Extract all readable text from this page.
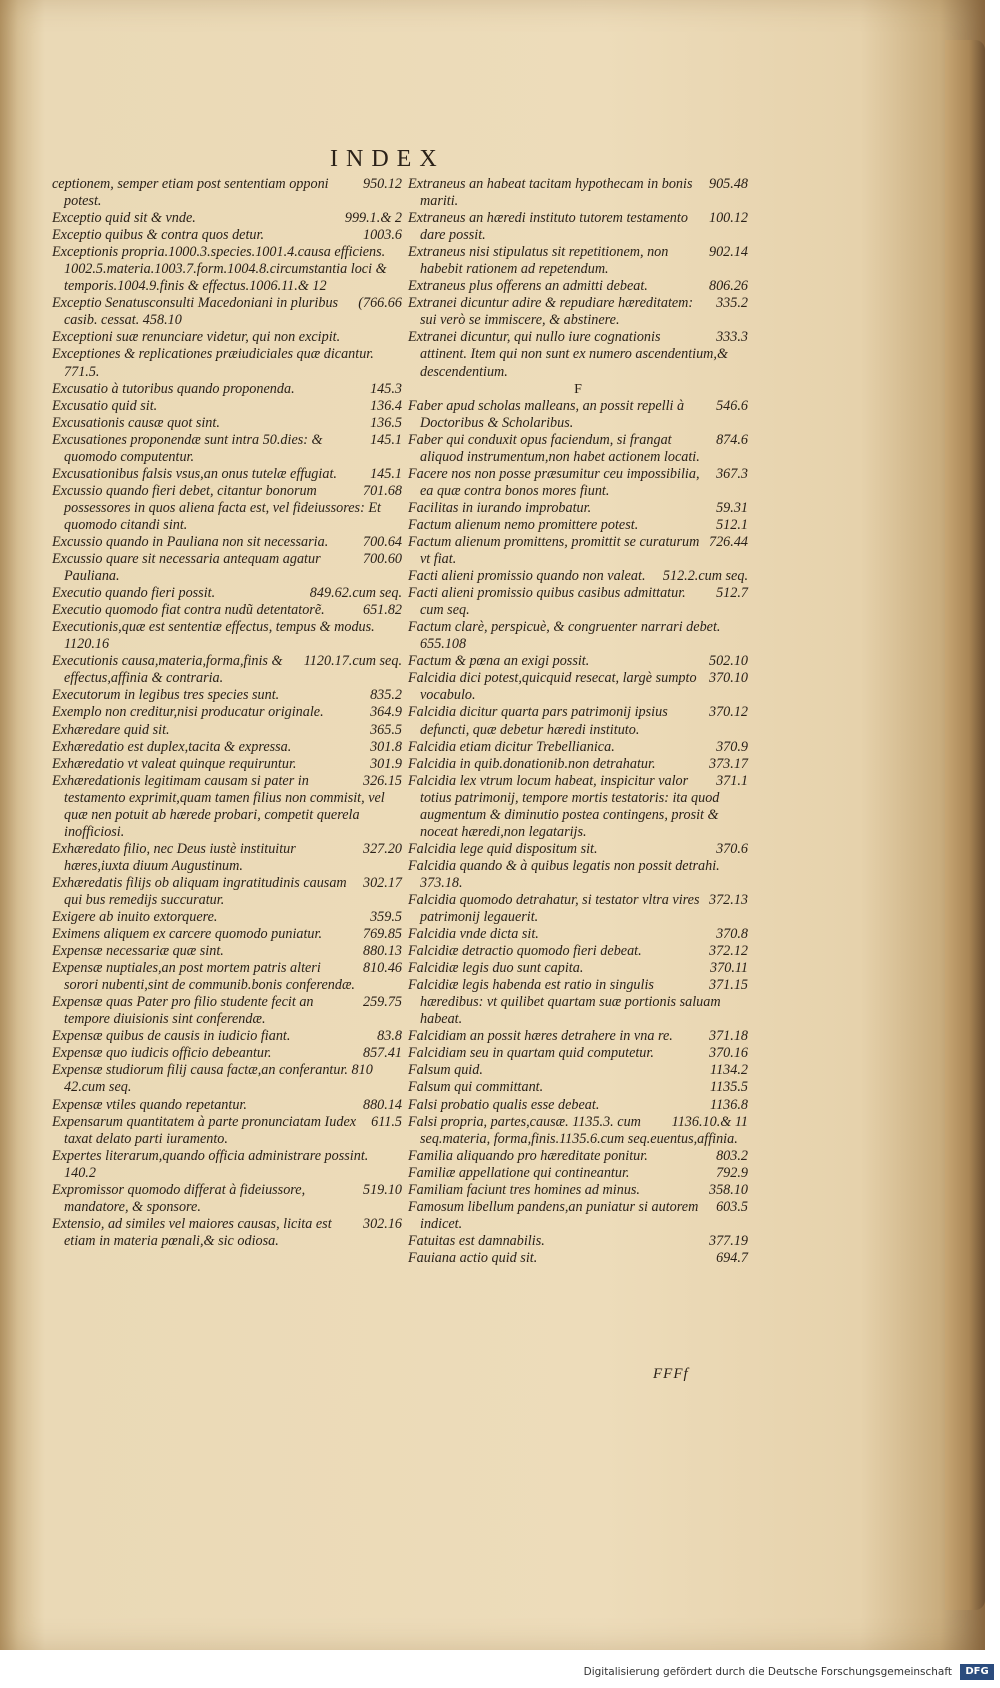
INDEX

950.12
ceptionem, semper etiam post sententiam opponi potest.

999.1.& 2
Exceptio quid sit & vnde.

1003.6
Exceptio quibus & contra quos detur.

Exceptionis propria.1000.3.species.1001.4.causa efficiens. 1002.5.materia.1003.7.form.1004.8.circumstantia loci & temporis.1004.9.finis & effectus.1006.11.& 12

(766.66
Exceptio Senatusconsulti Macedoniani in pluribus casib. cessat. 458.10

Exceptioni suæ renunciare videtur, qui non excipit.

Exceptiones & replicationes præiudiciales quæ dicantur. 771.5.

145.3
Excusatio à tutoribus quando proponenda.

136.4
Excusatio quid sit.

136.5
Excusationis causæ quot sint.

145.1
Excusationes proponendæ sunt intra 50.dies: & quomodo computentur.

145.1
Excusationibus falsis vsus,an onus tutelæ effugiat.

701.68
Excussio quando fieri debet, citantur bonorum possessores in quos aliena facta est, vel fideiussores: Et quomodo citandi sint.

700.64
Excussio quando in Pauliana non sit necessaria.

700.60
Excussio quare sit necessaria antequam agatur Pauliana.

849.62.cum seq.
Executio quando fieri possit.

651.82
Executio quomodo fiat contra nudũ detentatorẽ.

Executionis,quæ est sententiæ effectus, tempus & modus. 1120.16

1120.17.cum seq.
Executionis causa,materia,forma,finis & effectus,affinia & contraria.

835.2
Executorum in legibus tres species sunt.

364.9
Exemplo non creditur,nisi producatur originale.

365.5
Exhæredare quid sit.

301.8
Exhæredatio est duplex,tacita & expressa.

301.9
Exhæredatio vt valeat quinque requiruntur.

326.15
Exhæredationis legitimam causam si pater in testamento exprimit,quam tamen filius non commisit, vel quæ nen potuit ab hærede probari, competit querela inofficiosi.

327.20
Exhæredato filio, nec Deus iustè instituitur hæres,iuxta diuum Augustinum.

302.17
Exhæredatis filijs ob aliquam ingratitudinis causam qui bus remedijs succuratur.

359.5
Exigere ab inuito extorquere.

769.85
Eximens aliquem ex carcere quomodo puniatur.

880.13
Expensæ necessariæ quæ sint.

810.46
Expensæ nuptiales,an post mortem patris alteri sorori nubenti,sint de communib.bonis conferendæ.

259.75
Expensæ quas Pater pro filio studente fecit an tempore diuisionis sint conferendæ.

83.8
Expensæ quibus de causis in iudicio fiant.

857.41
Expensæ quo iudicis officio debeantur.

Expensæ studiorum filij causa factæ,an conferantur. 810 42.cum seq.

880.14
Expensæ vtiles quando repetantur.

611.5
Expensarum quantitatem à parte pronunciatam Iudex taxat delato parti iuramento.

Expertes literarum,quando officia administrare possint. 140.2

519.10
Expromissor quomodo differat à fideiussore, mandatore, & sponsore.

302.16
Extensio, ad similes vel maiores causas, licita est etiam in materia pœnali,& sic odiosa.

905.48
Extraneus an habeat tacitam hypothecam in bonis mariti.

100.12
Extraneus an hæredi instituto tutorem testamento dare possit.

902.14
Extraneus nisi stipulatus sit repetitionem, non habebit rationem ad repetendum.

806.26
Extraneus plus offerens an admitti debeat.

335.2
Extranei dicuntur adire & repudiare hæreditatem: sui verò se immiscere, & abstinere.

333.3
Extranei dicuntur, qui nullo iure cognationis attinent. Item qui non sunt ex numero ascendentium,& descendentium.

F

546.6
Faber apud scholas malleans, an possit repelli à Doctoribus & Scholaribus.

874.6
Faber qui conduxit opus faciendum, si frangat aliquod instrumentum,non habet actionem locati.

367.3
Facere nos non posse præsumitur ceu impossibilia, ea quæ contra bonos mores fiunt.

59.31
Facilitas in iurando improbatur.

512.1
Factum alienum nemo promittere potest.

726.44
Factum alienum promittens, promittit se curaturum vt fiat.

512.2.cum seq.
Facti alieni promissio quando non valeat.

512.7
Facti alieni promissio quibus casibus admittatur. cum seq.

Factum clarè, perspicuè, & congruenter narrari debet. 655.108

502.10
Factum & pœna an exigi possit.

370.10
Falcidia dici potest,quicquid resecat, largè sumpto vocabulo.

370.12
Falcidia dicitur quarta pars patrimonij ipsius defuncti, quæ debetur hæredi instituto.

370.9
Falcidia etiam dicitur Trebellianica.

373.17
Falcidia in quib.donationib.non detrahatur.

371.1
Falcidia lex vtrum locum habeat, inspicitur valor totius patrimonij, tempore mortis testatoris: ita quod augmentum & diminutio postea contingens, prosit & noceat hæredi,non legatarijs.

370.6
Falcidia lege quid dispositum sit.

Falcidia quando & à quibus legatis non possit detrahi. 373.18.

372.13
Falcidia quomodo detrahatur, si testator vltra vires patrimonij legauerit.

370.8
Falcidia vnde dicta sit.

372.12
Falcidiæ detractio quomodo fieri debeat.

370.11
Falcidiæ legis duo sunt capita.

371.15
Falcidiæ legis habenda est ratio in singulis hæredibus: vt quilibet quartam suæ portionis saluam habeat.

371.18
Falcidiam an possit hæres detrahere in vna re.

370.16
Falcidiam seu in quartam quid computetur.

1134.2
Falsum quid.

1135.5
Falsum qui committant.

1136.8
Falsi probatio qualis esse debeat.

1136.10.& 11
Falsi propria, partes,causæ. 1135.3. cum seq.materia, forma,finis.1135.6.cum seq.euentus,affinia.

803.2
Familia aliquando pro hæreditate ponitur.

792.9
Familiæ appellatione qui contineantur.

358.10
Familiam faciunt tres homines ad minus.

603.5
Famosum libellum pandens,an puniatur si autorem indicet.

377.19
Fatuitas est damnabilis.

694.7
Fauiana actio quid sit.

FFFf
Digitalisierung gefördert durch die Deutsche Forschungsgemeinschaft	DFG
